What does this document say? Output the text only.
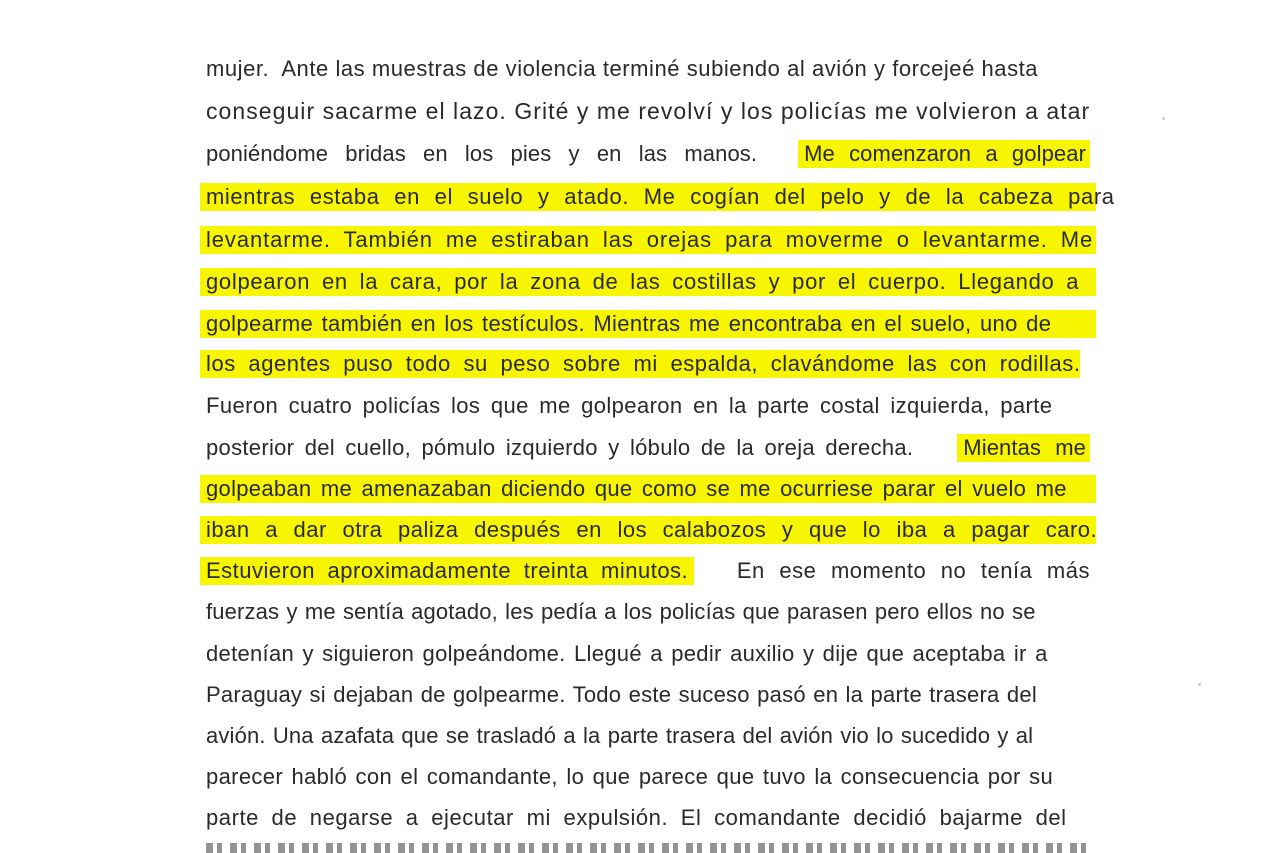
mujer.  Ante las muestras de violencia terminé subiendo al avión y forcejeé hasta
conseguir sacarme el lazo. Grité y me revolví y los policías me volvieron a atar
poniéndome bridas en los pies y en las manos. Me comenzaron a golpear
mientras estaba en el suelo y atado. Me cogían del pelo y de la cabeza para
levantarme. También me estiraban las orejas para moverme o levantarme. Me
golpearon en la cara, por la zona de las costillas y por el cuerpo. Llegando a
golpearme también en los testículos. Mientras me encontraba en el suelo, uno de
los agentes puso todo su peso sobre mi espalda, clavándome las con rodillas.
Fueron cuatro policías los que me golpearon en la parte costal izquierda, parte
posterior del cuello, pómulo izquierdo y lóbulo de la oreja derecha. Mientas me
golpeaban me amenazaban diciendo que como se me ocurriese parar el vuelo me
iban a dar otra paliza después en los calabozos y que lo iba a pagar caro.
Estuvieron aproximadamente treinta minutos. En ese momento no tenía más
fuerzas y me sentía agotado, les pedía a los policías que parasen pero ellos no se
detenían y siguieron golpeándome. Llegué a pedir auxilio y dije que aceptaba ir a
Paraguay si dejaban de golpearme. Todo este suceso pasó en la parte trasera del
avión. Una azafata que se trasladó a la parte trasera del avión vio lo sucedido y al
parecer habló con el comandante, lo que parece que tuvo la consecuencia por su
parte de negarse a ejecutar mi expulsión. El comandante decidió bajarme del
